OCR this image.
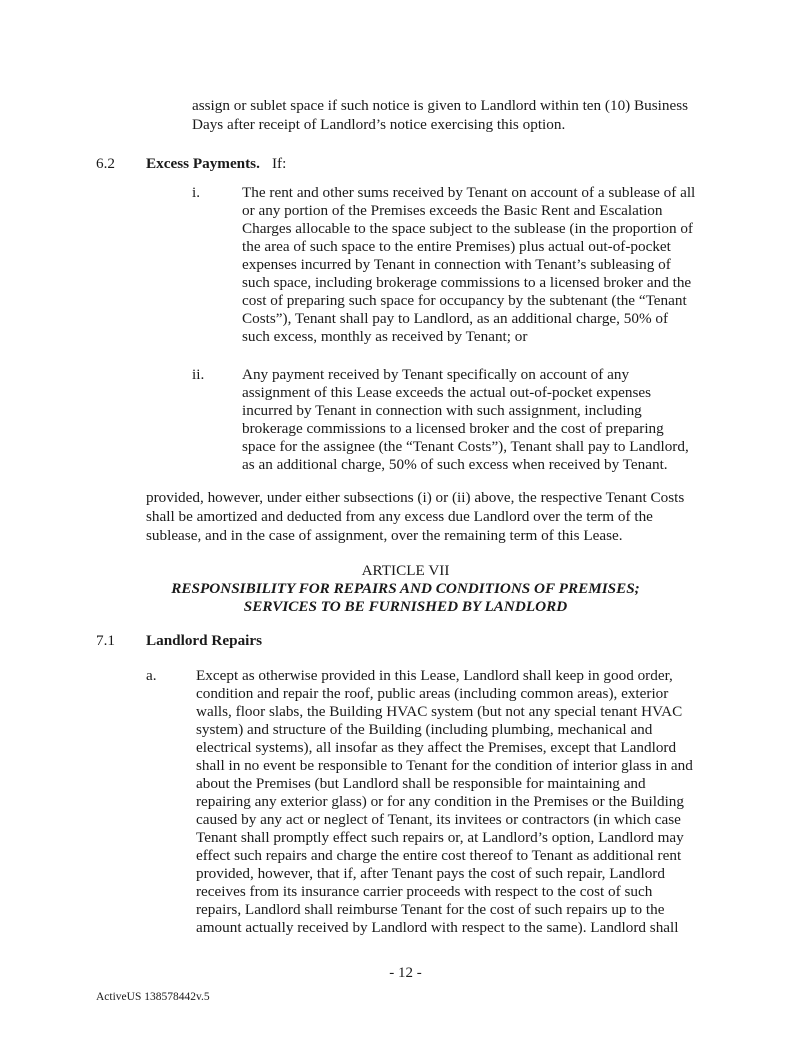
assign or sublet space if such notice is given to Landlord within ten (10) Business
Days after receipt of Landlord’s notice exercising this option.
6.2 Excess Payments. If:
i.	The rent and other sums received by Tenant on account of a sublease of all
or any portion of the Premises exceeds the Basic Rent and Escalation
Charges allocable to the space subject to the sublease (in the proportion of
the area of such space to the entire Premises) plus actual out-of-pocket
expenses incurred by Tenant in connection with Tenant’s subleasing of
such space, including brokerage commissions to a licensed broker and the
cost of preparing such space for occupancy by the subtenant (the “Tenant
Costs”), Tenant shall pay to Landlord, as an additional charge, 50% of
such excess, monthly as received by Tenant; or
ii. Any payment received by Tenant specifically on account of any
assignment of this Lease exceeds the actual out-of-pocket expenses
incurred by Tenant in connection with such assignment, including
brokerage commissions to a licensed broker and the cost of preparing
space for the assignee (the “Tenant Costs”), Tenant shall pay to Landlord,
as an additional charge, 50% of such excess when received by Tenant.
provided, however, under either subsections (i) or (ii) above, the respective Tenant Costs
shall be amortized and deducted from any excess due Landlord over the term of the
sublease, and in the case of assignment, over the remaining term of this Lease.
ARTICLE VII
RESPONSIBILITY FOR REPAIRS AND CONDITIONS OF PREMISES;
SERVICES TO BE FURNISHED BY LANDLORD
7.1 Landlord Repairs
a.	Except as otherwise provided in this Lease, Landlord shall keep in good order,
condition and repair the roof, public areas (including common areas), exterior
walls, floor slabs, the Building HVAC system (but not any special tenant HVAC
system) and structure of the Building (including plumbing, mechanical and
electrical systems), all insofar as they affect the Premises, except that Landlord
shall in no event be responsible to Tenant for the condition of interior glass in and
about the Premises (but Landlord shall be responsible for maintaining and
repairing any exterior glass) or for any condition in the Premises or the Building
caused by any act or neglect of Tenant, its invitees or contractors (in which case
Tenant shall promptly effect such repairs or, at Landlord’s option, Landlord may
effect such repairs and charge the entire cost thereof to Tenant as additional rent
provided, however, that if, after Tenant pays the cost of such repair, Landlord
receives from its insurance carrier proceeds with respect to the cost of such
repairs, Landlord shall reimburse Tenant for the cost of such repairs up to the
amount actually received by Landlord with respect to the same). Landlord shall
- 12 -
ActiveUS 138578442v.5
